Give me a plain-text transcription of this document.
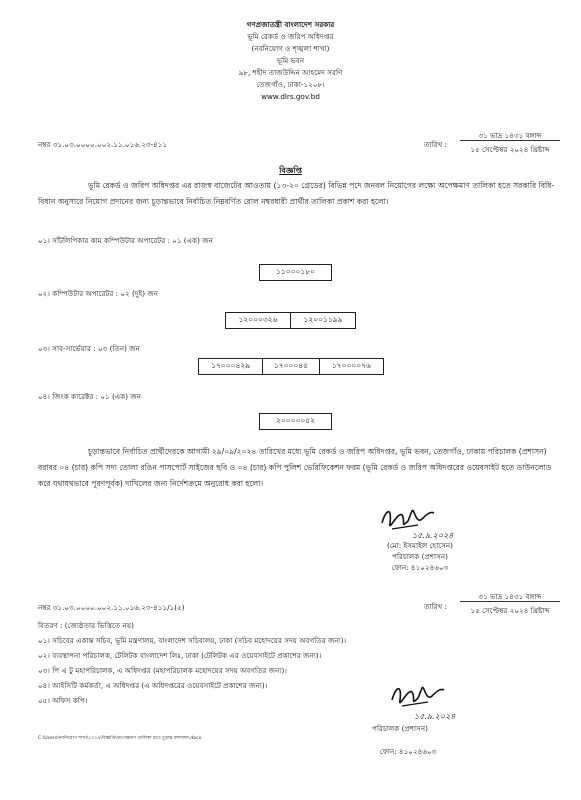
গণপ্রজাতন্ত্রী বাংলাদেশ সরকার
ভূমি রেকর্ড ও জরিপ অধিদপ্তর
(নবনিয়োগ ও শৃঙ্খলা শাখা)
ভূমি ভবন
৯৮, শহীদ তাজউদ্দিন আহমেদ সরণি
তেজগাঁও, ঢাকা-১২০৮।
www.dlrs.gov.bd
নম্বর ৩১.০৩.০০০০.০০২.১১.০১৬.২৩-৪১১	তারিখ :
৩১ ভাদ্র ১৪৩১ বঙ্গাব্দ
১৫ সেপ্টেম্বর ২০২৪ খ্রিষ্টাব্দ
বিজ্ঞপ্তি
ভূমি রেকর্ড ও জরিপ অধিদপ্তর এর রাজস্ব বাজেটের আওতায় (১৩-২০ গ্রেডের) বিভিন্ন পদে জনবল নিয়োগের লক্ষ্যে অপেক্ষমাণ তালিকা হতে সরকারি বিধি-বিধান অনুসারে নিয়োগ প্রদানের জন্য চূড়ান্তভাবে নির্বাচিত নিম্নবর্ণিত রোল নম্বরধারী প্রার্থীর তালিকা প্রকাশ করা হলো।
০১। সাঁটলিপিকার কাম কম্পিউটার অপারেটর : ০১ (এক) জন
১১০০০১৮০
০২। কম্পিউটার অপারেটর : ০২ (দুই) জন
১২০০০৩২৬	১২০০১১৯৯
০৩। সাব-সার্ভেয়ার : ০৩ (তিন) জন
১৭০০০৪২৯	১৭০০০৪৫	১৭০০০০৭৬
০৪। জিংক কারেক্টর : ০১ (এক) জন
২০০০০০৫২
চূড়ান্তভাবে নির্বাচিত প্রার্থীদেরকে আগামী ২৯/০৯/২০২৪ তারিখের মধ্যে ভূমি রেকর্ড ও জরিপ অধিদপ্তর, ভূমি ভবন, তেজগাঁও, ঢাকায় পরিচালক (প্রশাসন) বরাবর ০৪ (চার) কপি সদ্য তোলা রঙিন পাসপোর্ট সাইজের ছবি ও ০৪ (চার) কপি পুলিশ ভেরিফিকেশন ফরম (ভূমি রেকর্ড ও জরিপ অধিদপ্তরের ওয়েবসাইট হতে ডাউনলোড করে যথাযথভাবে পূরণপূর্বক) দাখিলের জন্য নির্দেশক্রমে অনুরোধ করা হলো।
১৫.৯.২০২৪
(মো: ইসমাইল হোসেন)
পরিচালক (প্রশাসন)
ফোন: ৪১০২৪৬০৩
নম্বর ৩১.০৩.০০০০.০০২.১১.০১৬.২৩-৪১১/১(৫)	তারিখ :
৩১ ভাদ্র ১৪৩১ বঙ্গাব্দ
১৫ সেপ্টেম্বর ২০২৪ খ্রিষ্টাব্দ
বিতরণ : (জ্যেষ্ঠতার ভিত্তিতে নয়)
০১। সচিবের একান্ত সচিব, ভূমি মন্ত্রণালয়, বাংলাদেশ সচিবালয়, ঢাকা (সচিব মহোদয়ের সদয় অবগতির জন্য)।
০২। ব্যবস্থাপনা পরিচালক, টেলিটক বাংলাদেশ লিঃ, ঢাকা (টেলিটক এর ওয়েবসাইটে প্রকাশের জন্য)।
০৩। পি এ টু মহাপরিচালক, এ অধিদপ্তর (মহাপরিচালক মহোদয়ের সদয় অবগতির জন্য)।
০৪। আইসিটি কর্মকর্তা, এ অধিদপ্তর (এ অধিদপ্তরের ওয়েবসাইটে প্রকাশের জন্য)।
০৫। অফিস কপি।
১৫.৯.২০২৪
পরিচালক (প্রশাসন)
ফোন: ৪১০২৪৬০৩
C:\Users\নবনিয়োগ শাখা\২০২৪\বিজ্ঞপ্তি\অপেক্ষমাণ তালিকা হতে চূড়ান্ত ফলাফল.docx
